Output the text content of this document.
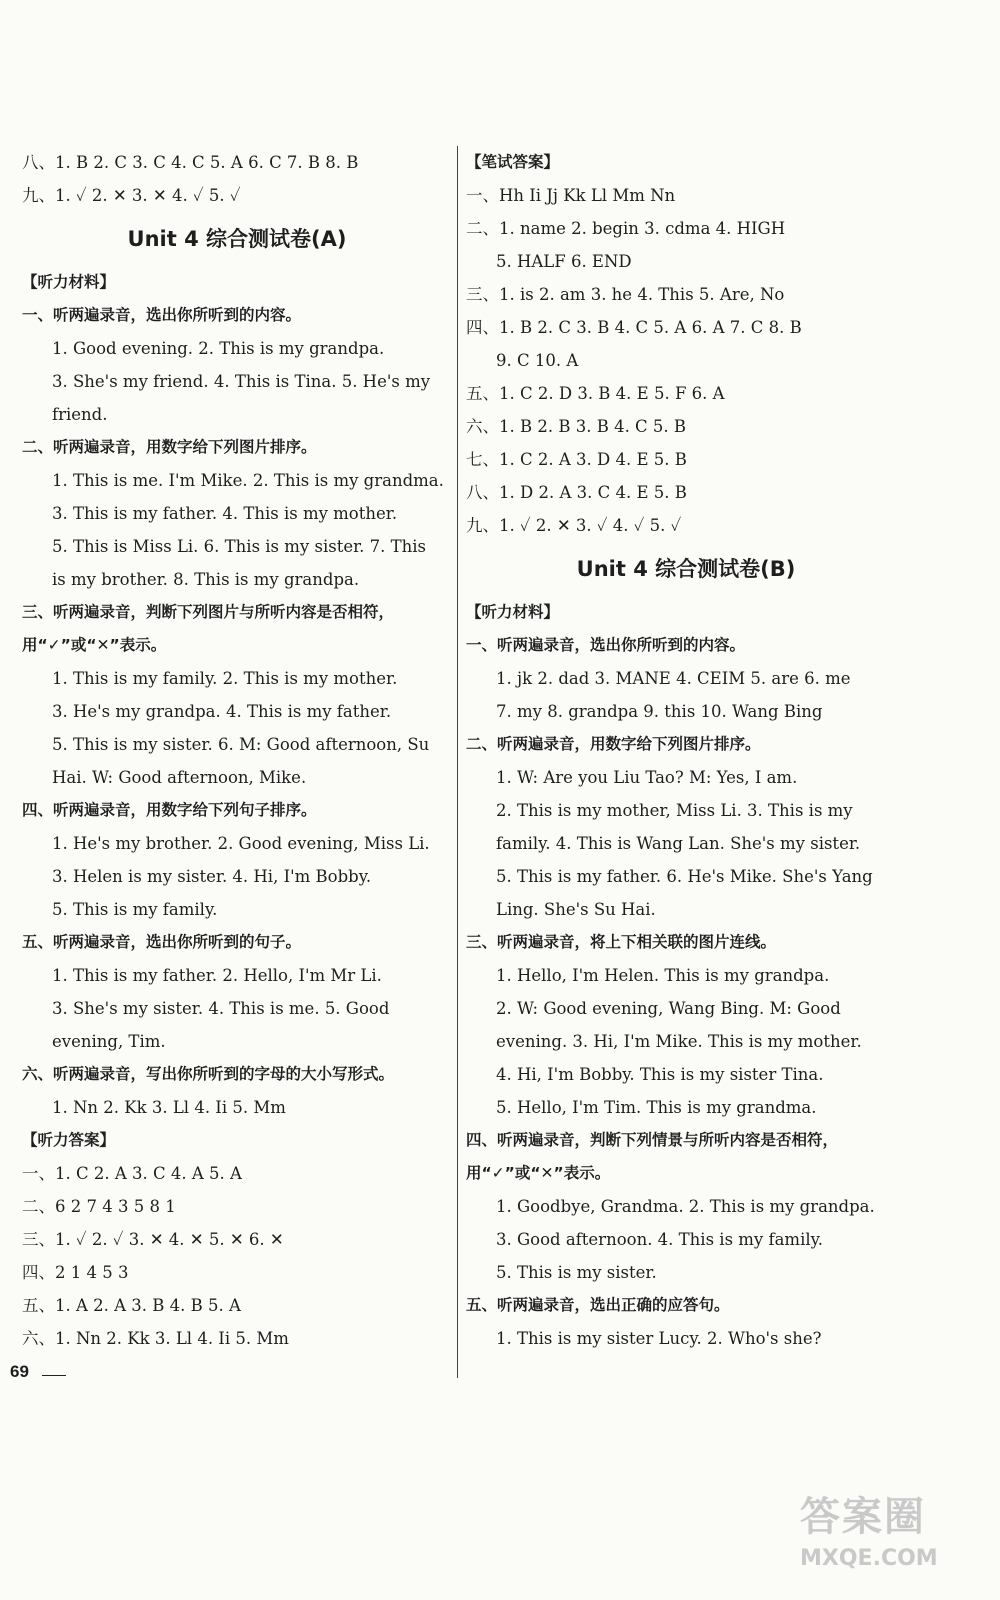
八、1. B 2. C 3. C 4. C 5. A 6. C 7. B 8. B
九、1. ✓ 2. ✕ 3. ✕ 4. ✓ 5. ✓
Unit 4 综合测试卷(A)
【听力材料】
一、听两遍录音，选出你所听到的内容。
1. Good evening. 2. This is my grandpa.
3. She's my friend. 4. This is Tina. 5. He's my
friend.
二、听两遍录音，用数字给下列图片排序。
1. This is me. I'm Mike. 2. This is my grandma.
3. This is my father. 4. This is my mother.
5. This is Miss Li. 6. This is my sister. 7. This
is my brother. 8. This is my grandpa.
三、听两遍录音，判断下列图片与所听内容是否相符，
用“✓”或“✕”表示。
1. This is my family. 2. This is my mother.
3. He's my grandpa. 4. This is my father.
5. This is my sister. 6. M: Good afternoon, Su
Hai. W: Good afternoon, Mike.
四、听两遍录音，用数字给下列句子排序。
1. He's my brother. 2. Good evening, Miss Li.
3. Helen is my sister. 4. Hi, I'm Bobby.
5. This is my family.
五、听两遍录音，选出你所听到的句子。
1. This is my father. 2. Hello, I'm Mr Li.
3. She's my sister. 4. This is me. 5. Good
evening, Tim.
六、听两遍录音，写出你所听到的字母的大小写形式。
1. Nn 2. Kk 3. Ll 4. Ii 5. Mm
【听力答案】
一、1. C 2. A 3. C 4. A 5. A
二、6 2 7 4 3 5 8 1
三、1. ✓ 2. ✓ 3. ✕ 4. ✕ 5. ✕ 6. ✕
四、2 1 4 5 3
五、1. A 2. A 3. B 4. B 5. A
六、1. Nn 2. Kk 3. Ll 4. Ii 5. Mm
【笔试答案】
一、Hh Ii Jj Kk Ll Mm Nn
二、1. name 2. begin 3. cdma 4. HIGH
5. HALF 6. END
三、1. is 2. am 3. he 4. This 5. Are, No
四、1. B 2. C 3. B 4. C 5. A 6. A 7. C 8. B
9. C 10. A
五、1. C 2. D 3. B 4. E 5. F 6. A
六、1. B 2. B 3. B 4. C 5. B
七、1. C 2. A 3. D 4. E 5. B
八、1. D 2. A 3. C 4. E 5. B
九、1. ✓ 2. ✕ 3. ✓ 4. ✓ 5. ✓
Unit 4 综合测试卷(B)
【听力材料】
一、听两遍录音，选出你所听到的内容。
1. jk 2. dad 3. MANE 4. CEIM 5. are 6. me
7. my 8. grandpa 9. this 10. Wang Bing
二、听两遍录音，用数字给下列图片排序。
1. W: Are you Liu Tao? M: Yes, I am.
2. This is my mother, Miss Li. 3. This is my
family. 4. This is Wang Lan. She's my sister.
5. This is my father. 6. He's Mike. She's Yang
Ling. She's Su Hai.
三、听两遍录音，将上下相关联的图片连线。
1. Hello, I'm Helen. This is my grandpa.
2. W: Good evening, Wang Bing. M: Good
evening. 3. Hi, I'm Mike. This is my mother.
4. Hi, I'm Bobby. This is my sister Tina.
5. Hello, I'm Tim. This is my grandma.
四、听两遍录音，判断下列情景与所听内容是否相符，
用“✓”或“✕”表示。
1. Goodbye, Grandma. 2. This is my grandpa.
3. Good afternoon. 4. This is my family.
5. This is my sister.
五、听两遍录音，选出正确的应答句。
1. This is my sister Lucy. 2. Who's she?
69
答案圈
MXQE.COM
